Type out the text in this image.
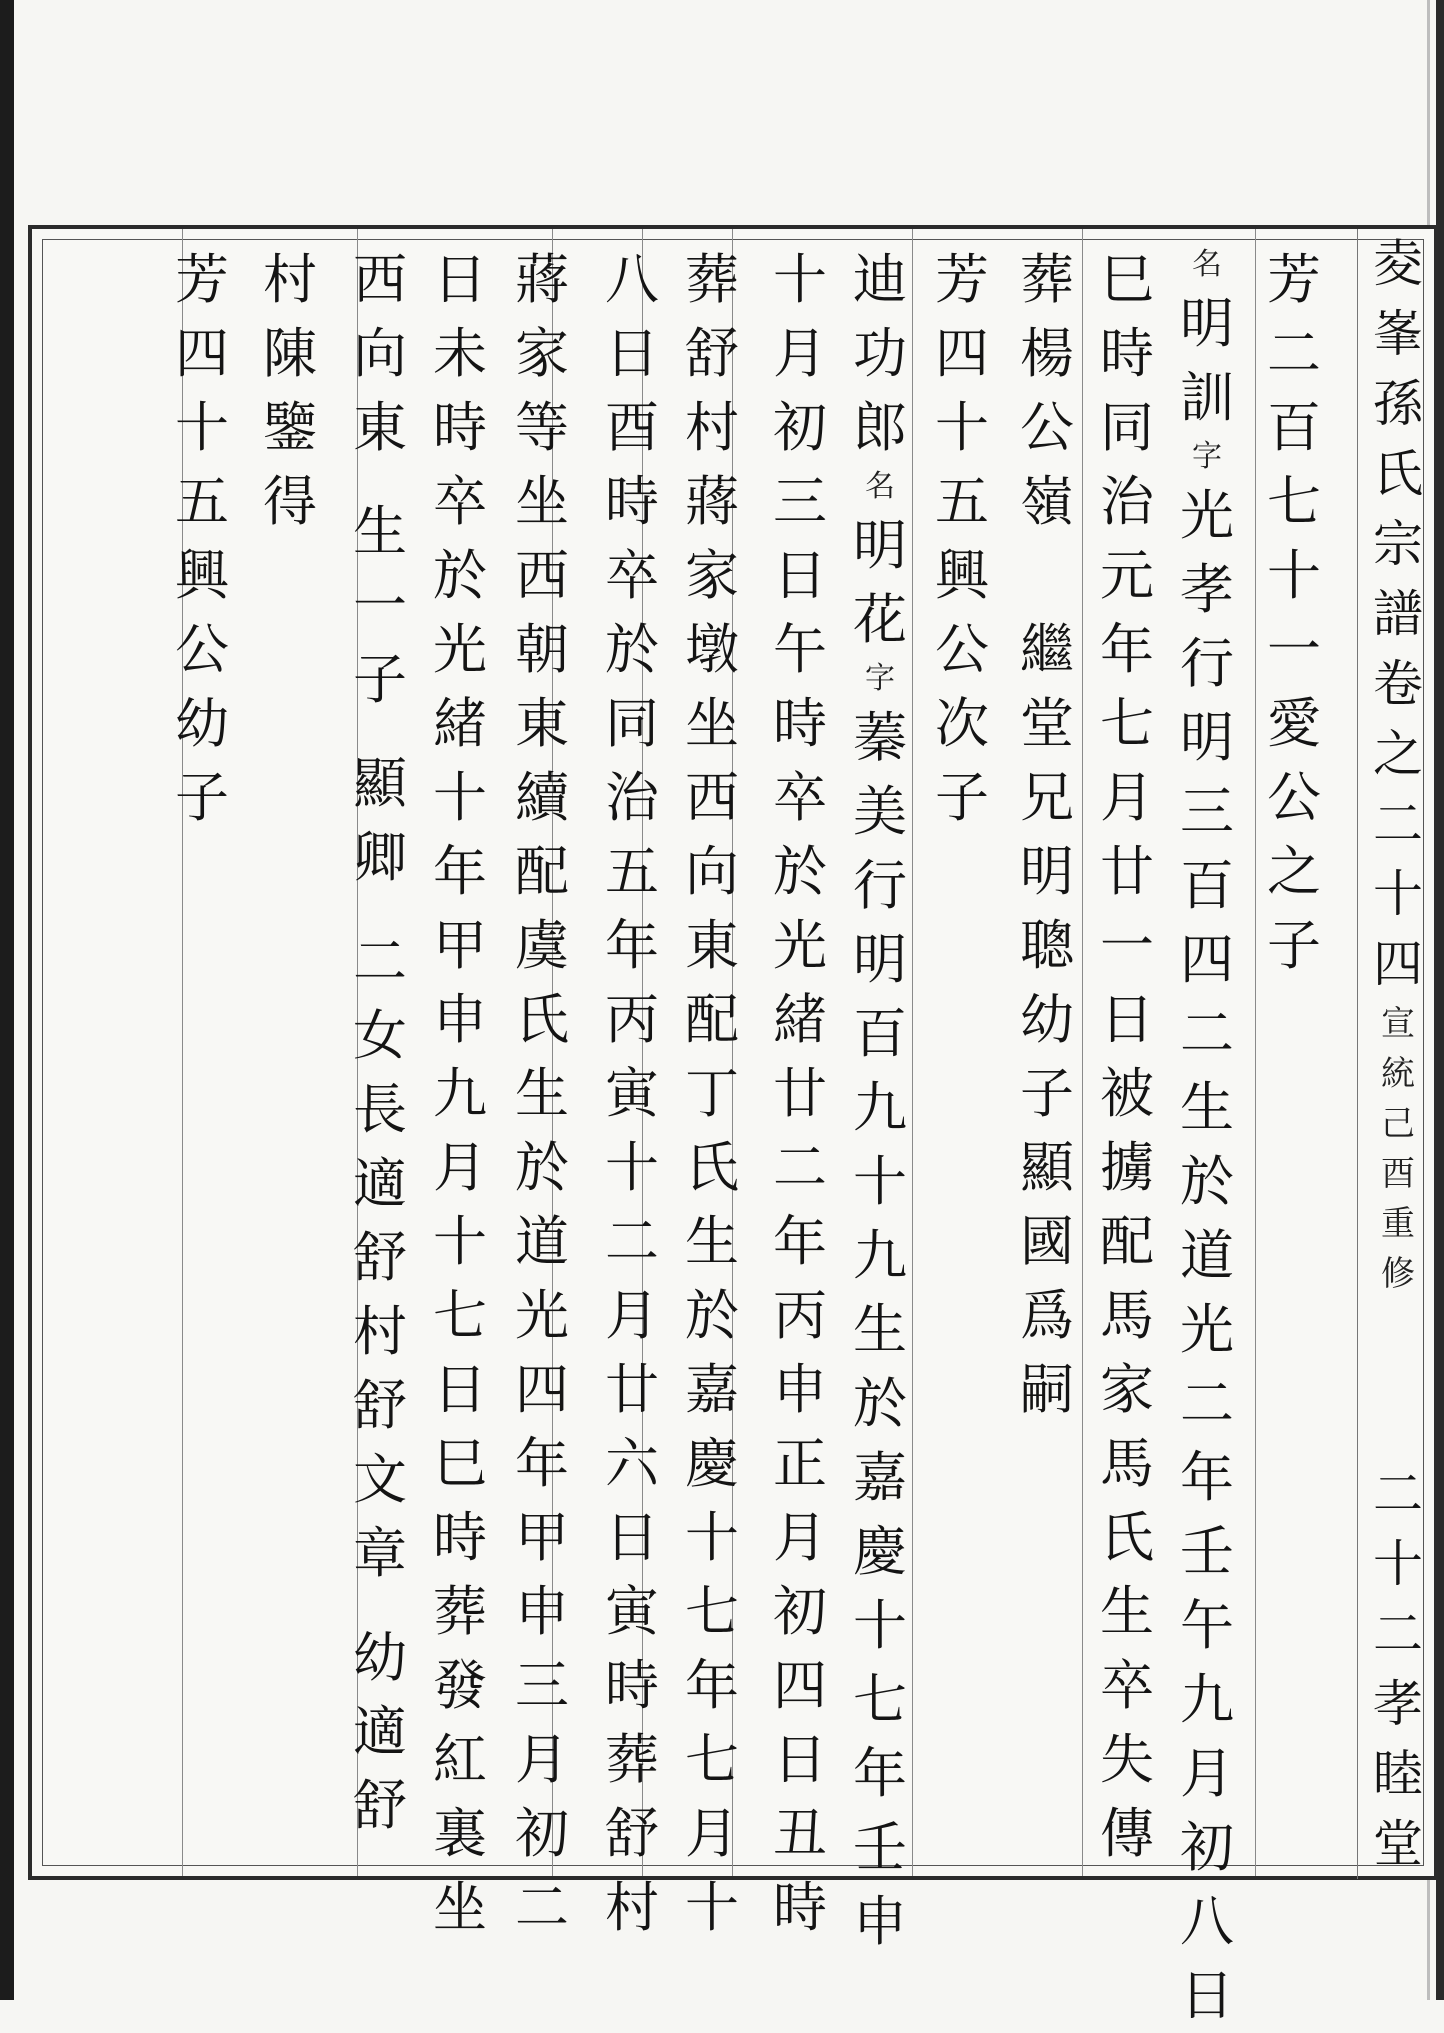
夌
峯
孫
氏
宗
譜
卷
之
二
十
四
宣
統
己
酉
重
修
二
十
二
孝
睦
堂
芳
二
百
七
十
一
愛
公
之
子
名
明
訓
字
光
孝
行
明
三
百
四
二
生
於
道
光
二
年
壬
午
九
月
初
八
日
巳
時
同
治
元
年
七
月
廿
一
日
被
擄
配
馬
家
馬
氏
生
卒
失
傳
葬
楊
公
嶺
繼
堂
兄
明
聰
幼
子
顯
國
爲
嗣
芳
四
十
五
興
公
次
子
迪
功
郎
名
明
花
字
蓁
美
行
明
百
九
十
九
生
於
嘉
慶
十
七
年
壬
申
十
月
初
三
日
午
時
卒
於
光
緒
廿
二
年
丙
申
正
月
初
四
日
丑
時
葬
舒
村
蔣
家
墩
坐
西
向
東
配
丁
氏
生
於
嘉
慶
十
七
年
七
月
十
八
日
酉
時
卒
於
同
治
五
年
丙
寅
十
二
月
廿
六
日
寅
時
葬
舒
村
蔣
家
等
坐
西
朝
東
續
配
虞
氏
生
於
道
光
四
年
甲
申
三
月
初
二
日
未
時
卒
於
光
緒
十
年
甲
申
九
月
十
七
日
巳
時
葬
發
紅
裏
坐
西
向
東
生
一
子
顯
卿
二
女
長
適
舒
村
舒
文
章
幼
適
舒
村
陳
鑒
得
芳
四
十
五
興
公
幼
子
